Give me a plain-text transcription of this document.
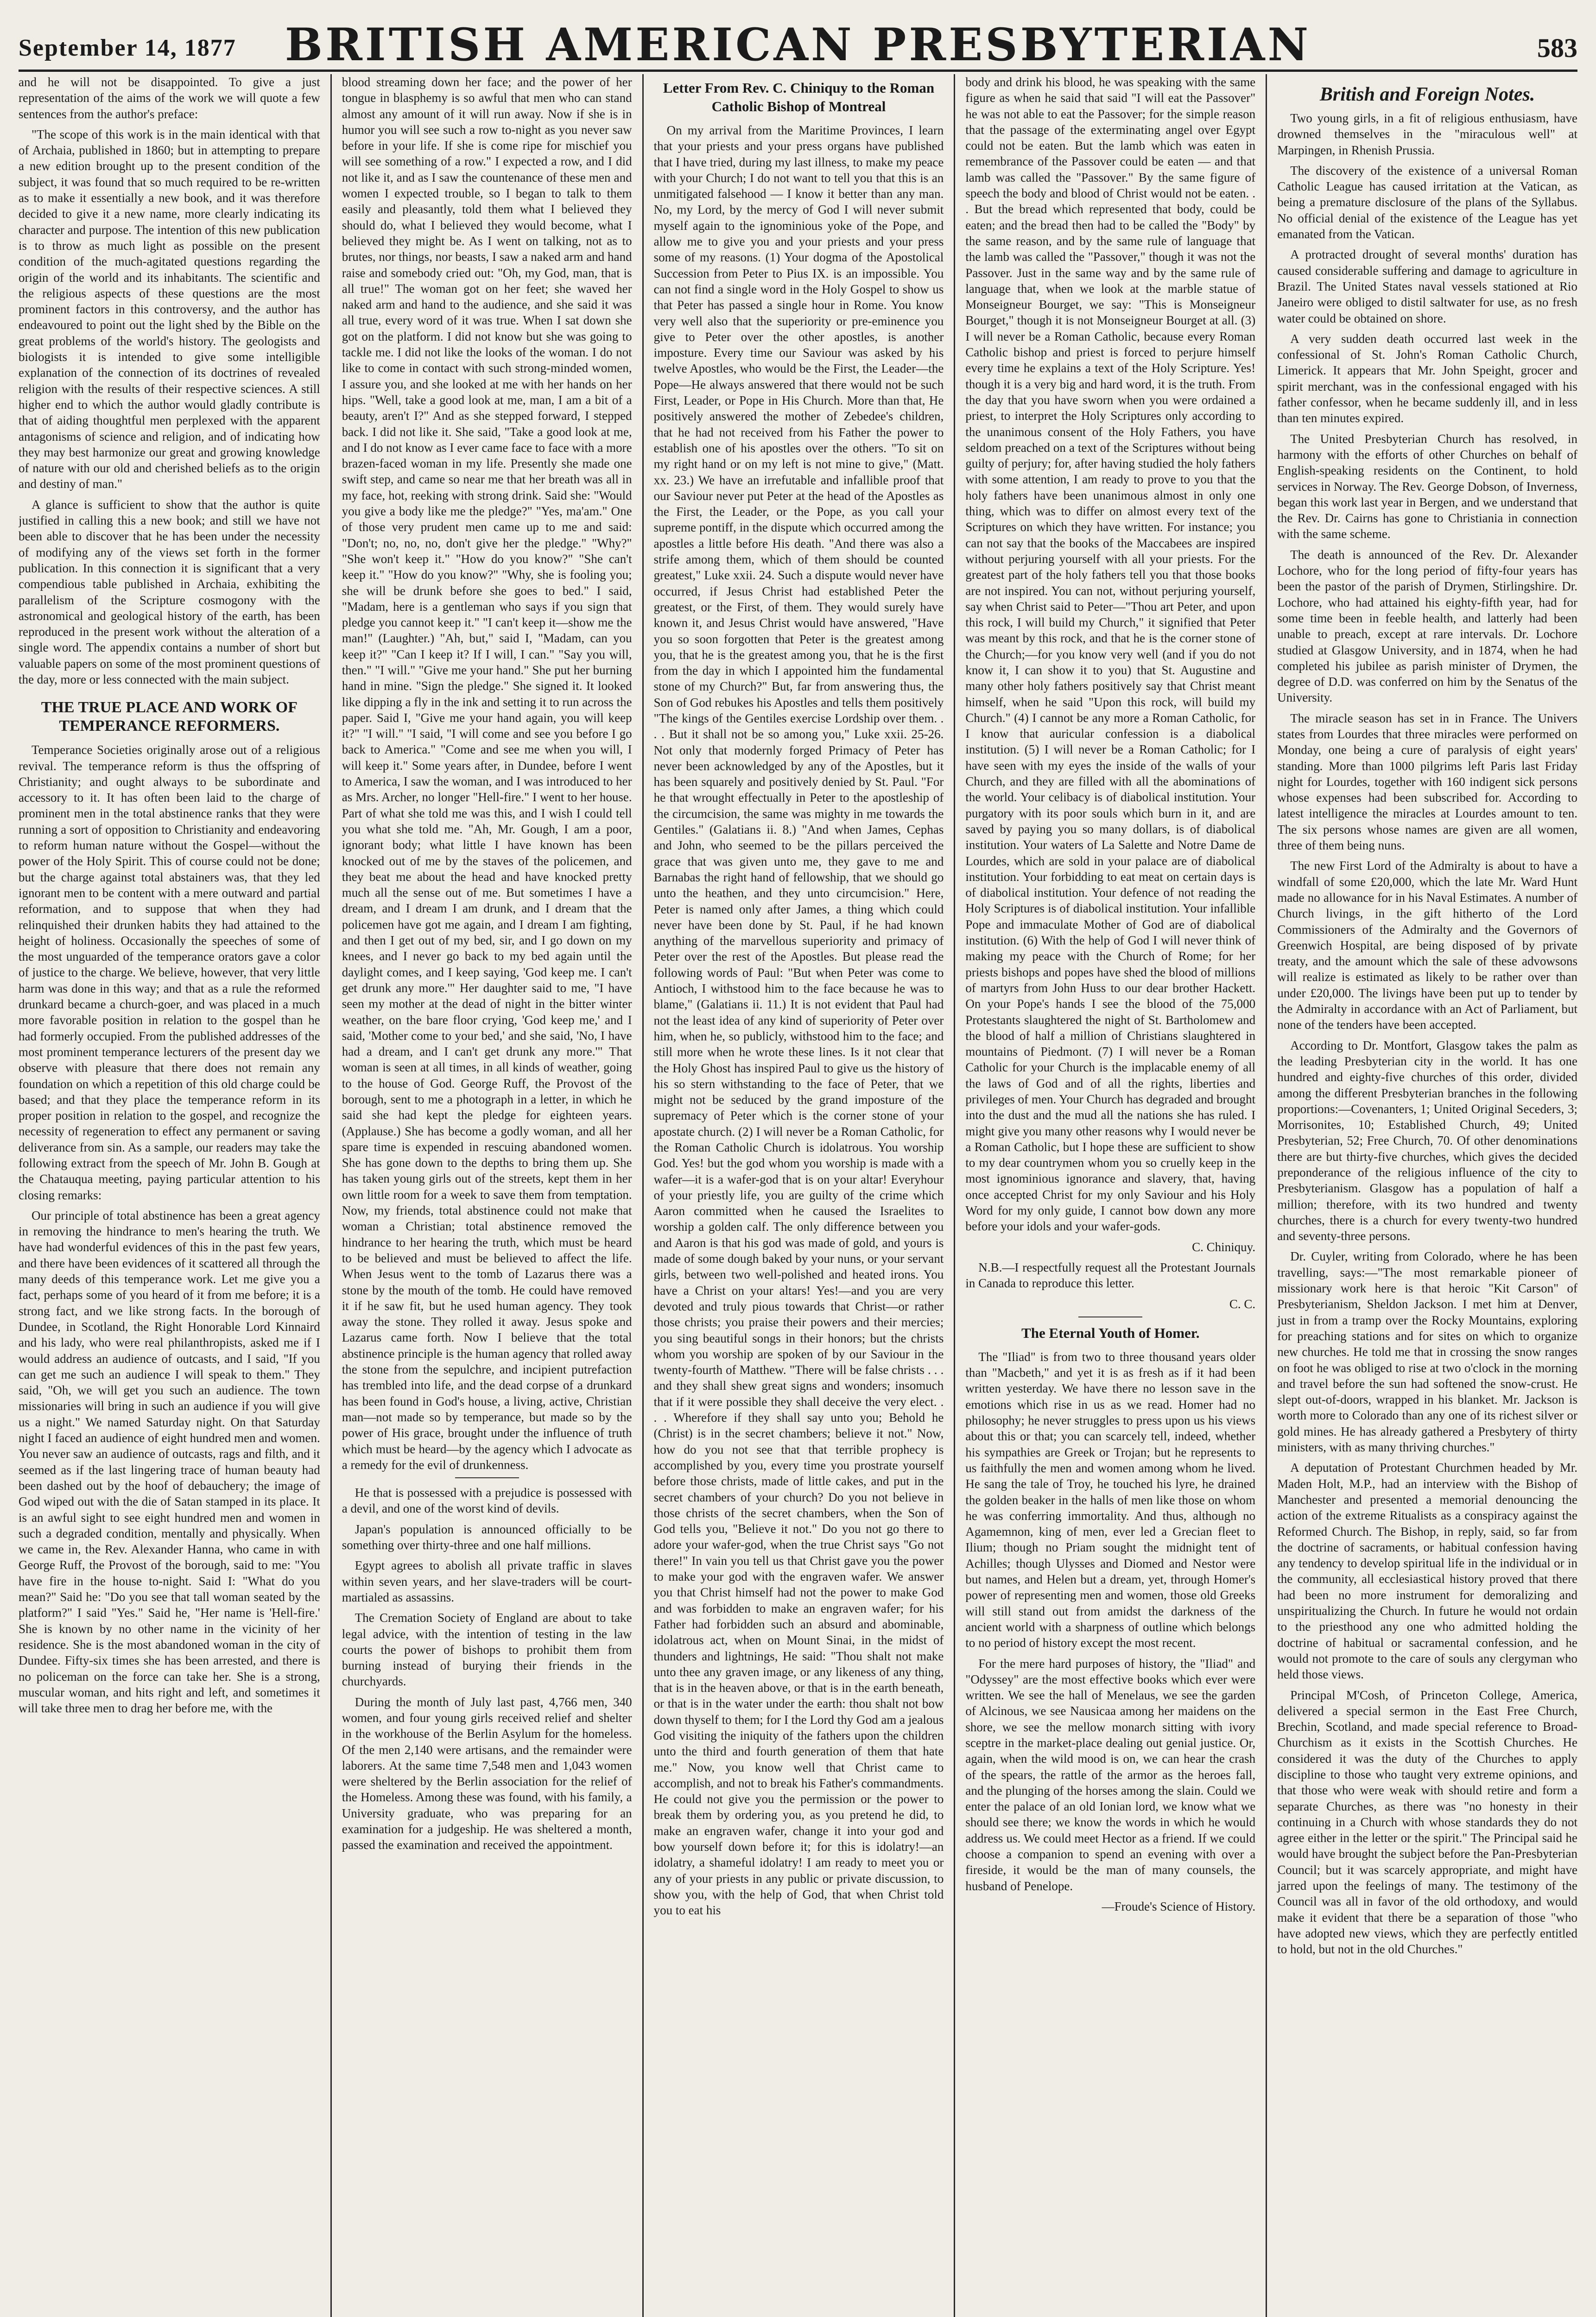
September 14, 1877	BRITISH AMERICAN PRESBYTERIAN	583

and he will not be disappointed. To give a just representation of the aims of the work we will quote a few sentences from the author's preface:

"The scope of this work is in the main identical with that of Archaia, published in 1860; but in attempting to prepare a new edition brought up to the present condition of the subject, it was found that so much required to be re-written as to make it essentially a new book, and it was therefore decided to give it a new name, more clearly indicating its character and purpose. The intention of this new publication is to throw as much light as possible on the present condition of the much-agitated questions regarding the origin of the world and its inhabitants. The scientific and the religious aspects of these questions are the most prominent factors in this controversy, and the author has endeavoured to point out the light shed by the Bible on the great problems of the world's history. The geologists and biologists it is intended to give some intelligible explanation of the connection of its doctrines of revealed religion with the results of their respective sciences. A still higher end to which the author would gladly contribute is that of aiding thoughtful men perplexed with the apparent antagonisms of science and religion, and of indicating how they may best harmonize our great and growing knowledge of nature with our old and cherished beliefs as to the origin and destiny of man."

A glance is sufficient to show that the author is quite justified in calling this a new book; and still we have not been able to discover that he has been under the necessity of modifying any of the views set forth in the former publication. In this connection it is significant that a very compendious table published in Archaia, exhibiting the parallelism of the Scripture cosmogony with the astronomical and geological history of the earth, has been reproduced in the present work without the alteration of a single word. The appendix contains a number of short but valuable papers on some of the most prominent questions of the day, more or less connected with the main subject.

THE TRUE PLACE AND WORK OF TEMPERANCE REFORMERS.

Temperance Societies originally arose out of a religious revival. The temperance reform is thus the offspring of Christianity; and ought always to be subordinate and accessory to it. It has often been laid to the charge of prominent men in the total abstinence ranks that they were running a sort of opposition to Christianity and endeavoring to reform human nature without the Gospel—without the power of the Holy Spirit. This of course could not be done; but the charge against total abstainers was, that they led ignorant men to be content with a mere outward and partial reformation, and to suppose that when they had relinquished their drunken habits they had attained to the height of holiness. Occasionally the speeches of some of the most unguarded of the temperance orators gave a color of justice to the charge. We believe, however, that very little harm was done in this way; and that as a rule the reformed drunkard became a church-goer, and was placed in a much more favorable position in relation to the gospel than he had formerly occupied. From the published addresses of the most prominent temperance lecturers of the present day we observe with pleasure that there does not remain any foundation on which a repetition of this old charge could be based; and that they place the temperance reform in its proper position in relation to the gospel, and recognize the necessity of regeneration to effect any permanent or saving deliverance from sin. As a sample, our readers may take the following extract from the speech of Mr. John B. Gough at the Chatauqua meeting, paying particular attention to his closing remarks:

Our principle of total abstinence has been a great agency in removing the hindrance to men's hearing the truth. We have had wonderful evidences of this in the past few years, and there have been evidences of it scattered all through the many deeds of this temperance work. Let me give you a fact, perhaps some of you heard of it from me before; it is a strong fact, and we like strong facts. In the borough of Dundee, in Scotland, the Right Honorable Lord Kinnaird and his lady, who were real philanthropists, asked me if I would address an audience of outcasts, and I said, "If you can get me such an audience I will speak to them." They said, "Oh, we will get you such an audience. The town missionaries will bring in such an audience if you will give us a night." We named Saturday night. On that Saturday night I faced an audience of eight hundred men and women. You never saw an audience of outcasts, rags and filth, and it seemed as if the last lingering trace of human beauty had been dashed out by the hoof of debauchery; the image of God wiped out with the die of Satan stamped in its place. It is an awful sight to see eight hundred men and women in such a degraded condition, mentally and physically. When we came in, the Rev. Alexander Hanna, who came in with George Ruff, the Provost of the borough, said to me: "You have fire in the house to-night. Said I: "What do you mean?" Said he: "Do you see that tall woman seated by the platform?" I said "Yes." Said he, "Her name is 'Hell-fire.' She is known by no other name in the vicinity of her residence. She is the most abandoned woman in the city of Dundee. Fifty-six times she has been arrested, and there is no policeman on the force can take her. She is a strong, muscular woman, and hits right and left, and sometimes it will take three men to drag her before me, with the

blood streaming down her face; and the power of her tongue in blasphemy is so awful that men who can stand almost any amount of it will run away. Now if she is in humor you will see such a row to-night as you never saw before in your life. If she is come ripe for mischief you will see something of a row." I expected a row, and I did not like it, and as I saw the countenance of these men and women I expected trouble, so I began to talk to them easily and pleasantly, told them what I believed they should do, what I believed they would become, what I believed they might be. As I went on talking, not as to brutes, nor things, nor beasts, I saw a naked arm and hand raise and somebody cried out: "Oh, my God, man, that is all true!" The woman got on her feet; she waved her naked arm and hand to the audience, and she said it was all true, every word of it was true. When I sat down she got on the platform. I did not know but she was going to tackle me. I did not like the looks of the woman. I do not like to come in contact with such strong-minded women, I assure you, and she looked at me with her hands on her hips. "Well, take a good look at me, man, I am a bit of a beauty, aren't I?" And as she stepped forward, I stepped back. I did not like it. She said, "Take a good look at me, and I do not know as I ever came face to face with a more brazen-faced woman in my life. Presently she made one swift step, and came so near me that her breath was all in my face, hot, reeking with strong drink. Said she: "Would you give a body like me the pledge?" "Yes, ma'am." One of those very prudent men came up to me and said: "Don't; no, no, no, don't give her the pledge." "Why?" "She won't keep it." "How do you know?" "She can't keep it." "How do you know?" "Why, she is fooling you; she will be drunk before she goes to bed." I said, "Madam, here is a gentleman who says if you sign that pledge you cannot keep it." "I can't keep it—show me the man!" (Laughter.) "Ah, but," said I, "Madam, can you keep it?" "Can I keep it? If I will, I can." "Say you will, then." "I will." "Give me your hand." She put her burning hand in mine. "Sign the pledge." She signed it. It looked like dipping a fly in the ink and setting it to run across the paper. Said I, "Give me your hand again, you will keep it?" "I will." "I said, "I will come and see you before I go back to America." "Come and see me when you will, I will keep it." Some years after, in Dundee, before I went to America, I saw the woman, and I was introduced to her as Mrs. Archer, no longer "Hell-fire." I went to her house. Part of what she told me was this, and I wish I could tell you what she told me. "Ah, Mr. Gough, I am a poor, ignorant body; what little I have known has been knocked out of me by the staves of the policemen, and they beat me about the head and have knocked pretty much all the sense out of me. But sometimes I have a dream, and I dream I am drunk, and I dream that the policemen have got me again, and I dream I am fighting, and then I get out of my bed, sir, and I go down on my knees, and I never go back to my bed again until the daylight comes, and I keep saying, 'God keep me. I can't get drunk any more.'" Her daughter said to me, "I have seen my mother at the dead of night in the bitter winter weather, on the bare floor crying, 'God keep me,' and I said, 'Mother come to your bed,' and she said, 'No, I have had a dream, and I can't get drunk any more.'" That woman is seen at all times, in all kinds of weather, going to the house of God. George Ruff, the Provost of the borough, sent to me a photograph in a letter, in which he said she had kept the pledge for eighteen years. (Applause.) She has become a godly woman, and all her spare time is expended in rescuing abandoned women. She has gone down to the depths to bring them up. She has taken young girls out of the streets, kept them in her own little room for a week to save them from temptation. Now, my friends, total abstinence could not make that woman a Christian; total abstinence removed the hindrance to her hearing the truth, which must be heard to be believed and must be believed to affect the life. When Jesus went to the tomb of Lazarus there was a stone by the mouth of the tomb. He could have removed it if he saw fit, but he used human agency. They took away the stone. They rolled it away. Jesus spoke and Lazarus came forth. Now I believe that the total abstinence principle is the human agency that rolled away the stone from the sepulchre, and incipient putrefaction has trembled into life, and the dead corpse of a drunkard has been found in God's house, a living, active, Christian man—not made so by temperance, but made so by the power of His grace, brought under the influence of truth which must be heard—by the agency which I advocate as a remedy for the evil of drunkenness.

He that is possessed with a prejudice is possessed with a devil, and one of the worst kind of devils.

Japan's population is announced officially to be something over thirty-three and one half millions.

Egypt agrees to abolish all private traffic in slaves within seven years, and her slave-traders will be court-martialed as assassins.

The Cremation Society of England are about to take legal advice, with the intention of testing in the law courts the power of bishops to prohibit them from burning instead of burying their friends in the churchyards.

During the month of July last past, 4,766 men, 340 women, and four young girls received relief and shelter in the workhouse of the Berlin Asylum for the homeless. Of the men 2,140 were artisans, and the remainder were laborers. At the same time 7,548 men and 1,043 women were sheltered by the Berlin association for the relief of the Homeless. Among these was found, with his family, a University graduate, who was preparing for an examination for a judgeship. He was sheltered a month, passed the examination and received the appointment.

Letter From Rev. C. Chiniquy to the Roman Catholic Bishop of Montreal

On my arrival from the Maritime Provinces, I learn that your priests and your press organs have published that I have tried, during my last illness, to make my peace with your Church; I do not want to tell you that this is an unmitigated falsehood — I know it better than any man. No, my Lord, by the mercy of God I will never submit myself again to the ignominious yoke of the Pope, and allow me to give you and your priests and your press some of my reasons. (1) Your dogma of the Apostolical Succession from Peter to Pius IX. is an impossible. You can not find a single word in the Holy Gospel to show us that Peter has passed a single hour in Rome. You know very well also that the superiority or pre-eminence you give to Peter over the other apostles, is another imposture. Every time our Saviour was asked by his twelve Apostles, who would be the First, the Leader—the Pope—He always answered that there would not be such First, Leader, or Pope in His Church. More than that, He positively answered the mother of Zebedee's children, that he had not received from his Father the power to establish one of his apostles over the others. "To sit on my right hand or on my left is not mine to give," (Matt. xx. 23.) We have an irrefutable and infallible proof that our Saviour never put Peter at the head of the Apostles as the First, the Leader, or the Pope, as you call your supreme pontiff, in the dispute which occurred among the apostles a little before His death. "And there was also a strife among them, which of them should be counted greatest," Luke xxii. 24. Such a dispute would never have occurred, if Jesus Christ had established Peter the greatest, or the First, of them. They would surely have known it, and Jesus Christ would have answered, "Have you so soon forgotten that Peter is the greatest among you, that he is the greatest among you, that he is the first from the day in which I appointed him the fundamental stone of my Church?" But, far from answering thus, the Son of God rebukes his Apostles and tells them positively "The kings of the Gentiles exercise Lordship over them. . . . But it shall not be so among you," Luke xxii. 25-26. Not only that modernly forged Primacy of Peter has never been acknowledged by any of the Apostles, but it has been squarely and positively denied by St. Paul. "For he that wrought effectually in Peter to the apostleship of the circumcision, the same was mighty in me towards the Gentiles." (Galatians ii. 8.) "And when James, Cephas and John, who seemed to be the pillars perceived the grace that was given unto me, they gave to me and Barnabas the right hand of fellowship, that we should go unto the heathen, and they unto circumcision." Here, Peter is named only after James, a thing which could never have been done by St. Paul, if he had known anything of the marvellous superiority and primacy of Peter over the rest of the Apostles. But please read the following words of Paul: "But when Peter was come to Antioch, I withstood him to the face because he was to blame," (Galatians ii. 11.) It is not evident that Paul had not the least idea of any kind of superiority of Peter over him, when he, so publicly, withstood him to the face; and still more when he wrote these lines. Is it not clear that the Holy Ghost has inspired Paul to give us the history of his so stern withstanding to the face of Peter, that we might not be seduced by the grand imposture of the supremacy of Peter which is the corner stone of your apostate church. (2) I will never be a Roman Catholic, for the Roman Catholic Church is idolatrous. You worship God. Yes! but the god whom you worship is made with a wafer—it is a wafer-god that is on your altar! Everyhour of your priestly life, you are guilty of the crime which Aaron committed when he caused the Israelites to worship a golden calf. The only difference between you and Aaron is that his god was made of gold, and yours is made of some dough baked by your nuns, or your servant girls, between two well-polished and heated irons. You have a Christ on your altars! Yes!—and you are very devoted and truly pious towards that Christ—or rather those christs; you praise their powers and their mercies; you sing beautiful songs in their honors; but the christs whom you worship are spoken of by our Saviour in the twenty-fourth of Matthew. "There will be false christs . . . and they shall shew great signs and wonders; insomuch that if it were possible they shall deceive the very elect. . . . Wherefore if they shall say unto you; Behold he (Christ) is in the secret chambers; believe it not." Now, how do you not see that that terrible prophecy is accomplished by you, every time you prostrate yourself before those christs, made of little cakes, and put in the secret chambers of your church? Do you not believe in those christs of the secret chambers, when the Son of God tells you, "Believe it not." Do you not go there to adore your wafer-god, when the true Christ says "Go not there!" In vain you tell us that Christ gave you the power to make your god with the engraven wafer. We answer you that Christ himself had not the power to make God and was forbidden to make an engraven wafer; for his Father had forbidden such an absurd and abominable, idolatrous act, when on Mount Sinai, in the midst of thunders and lightnings, He said: "Thou shalt not make unto thee any graven image, or any likeness of any thing, that is in the heaven above, or that is in the earth beneath, or that is in the water under the earth: thou shalt not bow down thyself to them; for I the Lord thy God am a jealous God visiting the iniquity of the fathers upon the children unto the third and fourth generation of them that hate me." Now, you know well that Christ came to accomplish, and not to break his Father's commandments. He could not give you the permission or the power to break them by ordering you, as you pretend he did, to make an engraven wafer, change it into your god and bow yourself down before it; for this is idolatry!—an idolatry, a shameful idolatry! I am ready to meet you or any of your priests in any public or private discussion, to show you, with the help of God, that when Christ told you to eat his

body and drink his blood, he was speaking with the same figure as when he said that said "I will eat the Passover" he was not able to eat the Passover; for the simple reason that the passage of the exterminating angel over Egypt could not be eaten. But the lamb which was eaten in remembrance of the Passover could be eaten — and that lamb was called the "Passover." By the same figure of speech the body and blood of Christ would not be eaten. . . But the bread which represented that body, could be eaten; and the bread then had to be called the "Body" by the same reason, and by the same rule of language that the lamb was called the "Passover," though it was not the Passover. Just in the same way and by the same rule of language that, when we look at the marble statue of Monseigneur Bourget, we say: "This is Monseigneur Bourget," though it is not Monseigneur Bourget at all. (3) I will never be a Roman Catholic, because every Roman Catholic bishop and priest is forced to perjure himself every time he explains a text of the Holy Scripture. Yes! though it is a very big and hard word, it is the truth. From the day that you have sworn when you were ordained a priest, to interpret the Holy Scriptures only according to the unanimous consent of the Holy Fathers, you have seldom preached on a text of the Scriptures without being guilty of perjury; for, after having studied the holy fathers with some attention, I am ready to prove to you that the holy fathers have been unanimous almost in only one thing, which was to differ on almost every text of the Scriptures on which they have written. For instance; you can not say that the books of the Maccabees are inspired without perjuring yourself with all your priests. For the greatest part of the holy fathers tell you that those books are not inspired. You can not, without perjuring yourself, say when Christ said to Peter—"Thou art Peter, and upon this rock, I will build my Church," it signified that Peter was meant by this rock, and that he is the corner stone of the Church;—for you know very well (and if you do not know it, I can show it to you) that St. Augustine and many other holy fathers positively say that Christ meant himself, when he said "Upon this rock, will build my Church." (4) I cannot be any more a Roman Catholic, for I know that auricular confession is a diabolical institution. (5) I will never be a Roman Catholic; for I have seen with my eyes the inside of the walls of your Church, and they are filled with all the abominations of the world. Your celibacy is of diabolical institution. Your purgatory with its poor souls which burn in it, and are saved by paying you so many dollars, is of diabolical institution. Your waters of La Salette and Notre Dame de Lourdes, which are sold in your palace are of diabolical institution. Your forbidding to eat meat on certain days is of diabolical institution. Your defence of not reading the Holy Scriptures is of diabolical institution. Your infallible Pope and immaculate Mother of God are of diabolical institution. (6) With the help of God I will never think of making my peace with the Church of Rome; for her priests bishops and popes have shed the blood of millions of martyrs from John Huss to our dear brother Hackett. On your Pope's hands I see the blood of the 75,000 Protestants slaughtered the night of St. Bartholomew and the blood of half a million of Christians slaughtered in mountains of Piedmont. (7) I will never be a Roman Catholic for your Church is the implacable enemy of all the laws of God and of all the rights, liberties and privileges of men. Your Church has degraded and brought into the dust and the mud all the nations she has ruled. I might give you many other reasons why I would never be a Roman Catholic, but I hope these are sufficient to show to my dear countrymen whom you so cruelly keep in the most ignominious ignorance and slavery, that, having once accepted Christ for my only Saviour and his Holy Word for my only guide, I cannot bow down any more before your idols and your wafer-gods.

C. Chiniquy.

N.B.—I respectfully request all the Protestant Journals in Canada to reproduce this letter.

C. C.

The Eternal Youth of Homer.

The "Iliad" is from two to three thousand years older than "Macbeth," and yet it is as fresh as if it had been written yesterday. We have there no lesson save in the emotions which rise in us as we read. Homer had no philosophy; he never struggles to press upon us his views about this or that; you can scarcely tell, indeed, whether his sympathies are Greek or Trojan; but he represents to us faithfully the men and women among whom he lived. He sang the tale of Troy, he touched his lyre, he drained the golden beaker in the halls of men like those on whom he was conferring immortality. And thus, although no Agamemnon, king of men, ever led a Grecian fleet to Ilium; though no Priam sought the midnight tent of Achilles; though Ulysses and Diomed and Nestor were but names, and Helen but a dream, yet, through Homer's power of representing men and women, those old Greeks will still stand out from amidst the darkness of the ancient world with a sharpness of outline which belongs to no period of history except the most recent.

For the mere hard purposes of history, the "Iliad" and "Odyssey" are the most effective books which ever were written. We see the hall of Menelaus, we see the garden of Alcinous, we see Nausicaa among her maidens on the shore, we see the mellow monarch sitting with ivory sceptre in the market-place dealing out genial justice. Or, again, when the wild mood is on, we can hear the crash of the spears, the rattle of the armor as the heroes fall, and the plunging of the horses among the slain. Could we enter the palace of an old Ionian lord, we know what we should see there; we know the words in which he would address us. We could meet Hector as a friend. If we could choose a companion to spend an evening with over a fireside, it would be the man of many counsels, the husband of Penelope.

—Froude's Science of History.

British and Foreign Notes.

Two young girls, in a fit of religious enthusiasm, have drowned themselves in the "miraculous well" at Marpingen, in Rhenish Prussia.

The discovery of the existence of a universal Roman Catholic League has caused irritation at the Vatican, as being a premature disclosure of the plans of the Syllabus. No official denial of the existence of the League has yet emanated from the Vatican.

A protracted drought of several months' duration has caused considerable suffering and damage to agriculture in Brazil. The United States naval vessels stationed at Rio Janeiro were obliged to distil saltwater for use, as no fresh water could be obtained on shore.

A very sudden death occurred last week in the confessional of St. John's Roman Catholic Church, Limerick. It appears that Mr. John Speight, grocer and spirit merchant, was in the confessional engaged with his father confessor, when he became suddenly ill, and in less than ten minutes expired.

The United Presbyterian Church has resolved, in harmony with the efforts of other Churches on behalf of English-speaking residents on the Continent, to hold services in Norway. The Rev. George Dobson, of Inverness, began this work last year in Bergen, and we understand that the Rev. Dr. Cairns has gone to Christiania in connection with the same scheme.

The death is announced of the Rev. Dr. Alexander Lochore, who for the long period of fifty-four years has been the pastor of the parish of Drymen, Stirlingshire. Dr. Lochore, who had attained his eighty-fifth year, had for some time been in feeble health, and latterly had been unable to preach, except at rare intervals. Dr. Lochore studied at Glasgow University, and in 1874, when he had completed his jubilee as parish minister of Drymen, the degree of D.D. was conferred on him by the Senatus of the University.

The miracle season has set in in France. The Univers states from Lourdes that three miracles were performed on Monday, one being a cure of paralysis of eight years' standing. More than 1000 pilgrims left Paris last Friday night for Lourdes, together with 160 indigent sick persons whose expenses had been subscribed for. According to latest intelligence the miracles at Lourdes amount to ten. The six persons whose names are given are all women, three of them being nuns.

The new First Lord of the Admiralty is about to have a windfall of some £20,000, which the late Mr. Ward Hunt made no allowance for in his Naval Estimates. A number of Church livings, in the gift hitherto of the Lord Commissioners of the Admiralty and the Governors of Greenwich Hospital, are being disposed of by private treaty, and the amount which the sale of these advowsons will realize is estimated as likely to be rather over than under £20,000. The livings have been put up to tender by the Admiralty in accordance with an Act of Parliament, but none of the tenders have been accepted.

According to Dr. Montfort, Glasgow takes the palm as the leading Presbyterian city in the world. It has one hundred and eighty-five churches of this order, divided among the different Presbyterian branches in the following proportions:—Covenanters, 1; United Original Seceders, 3; Morrisonites, 10; Established Church, 49; United Presbyterian, 52; Free Church, 70. Of other denominations there are but thirty-five churches, which gives the decided preponderance of the religious influence of the city to Presbyterianism. Glasgow has a population of half a million; therefore, with its two hundred and twenty churches, there is a church for every twenty-two hundred and seventy-three persons.

Dr. Cuyler, writing from Colorado, where he has been travelling, says:—"The most remarkable pioneer of missionary work here is that heroic "Kit Carson" of Presbyterianism, Sheldon Jackson. I met him at Denver, just in from a tramp over the Rocky Mountains, exploring for preaching stations and for sites on which to organize new churches. He told me that in crossing the snow ranges on foot he was obliged to rise at two o'clock in the morning and travel before the sun had softened the snow-crust. He slept out-of-doors, wrapped in his blanket. Mr. Jackson is worth more to Colorado than any one of its richest silver or gold mines. He has already gathered a Presbytery of thirty ministers, with as many thriving churches."

A deputation of Protestant Churchmen headed by Mr. Maden Holt, M.P., had an interview with the Bishop of Manchester and presented a memorial denouncing the action of the extreme Ritualists as a conspiracy against the Reformed Church. The Bishop, in reply, said, so far from the doctrine of sacraments, or habitual confession having any tendency to develop spiritual life in the individual or in the community, all ecclesiastical history proved that there had been no more instrument for demoralizing and unspiritualizing the Church. In future he would not ordain to the priesthood any one who admitted holding the doctrine of habitual or sacramental confession, and he would not promote to the care of souls any clergyman who held those views.

Principal M'Cosh, of Princeton College, America, delivered a special sermon in the East Free Church, Brechin, Scotland, and made special reference to Broad-Churchism as it exists in the Scottish Churches. He considered it was the duty of the Churches to apply discipline to those who taught very extreme opinions, and that those who were weak with should retire and form a separate Churches, as there was "no honesty in their continuing in a Church with whose standards they do not agree either in the letter or the spirit." The Principal said he would have brought the subject before the Pan-Presbyterian Council; but it was scarcely appropriate, and might have jarred upon the feelings of many. The testimony of the Council was all in favor of the old orthodoxy, and would make it evident that there be a separation of those "who have adopted new views, which they are perfectly entitled to hold, but not in the old Churches."
